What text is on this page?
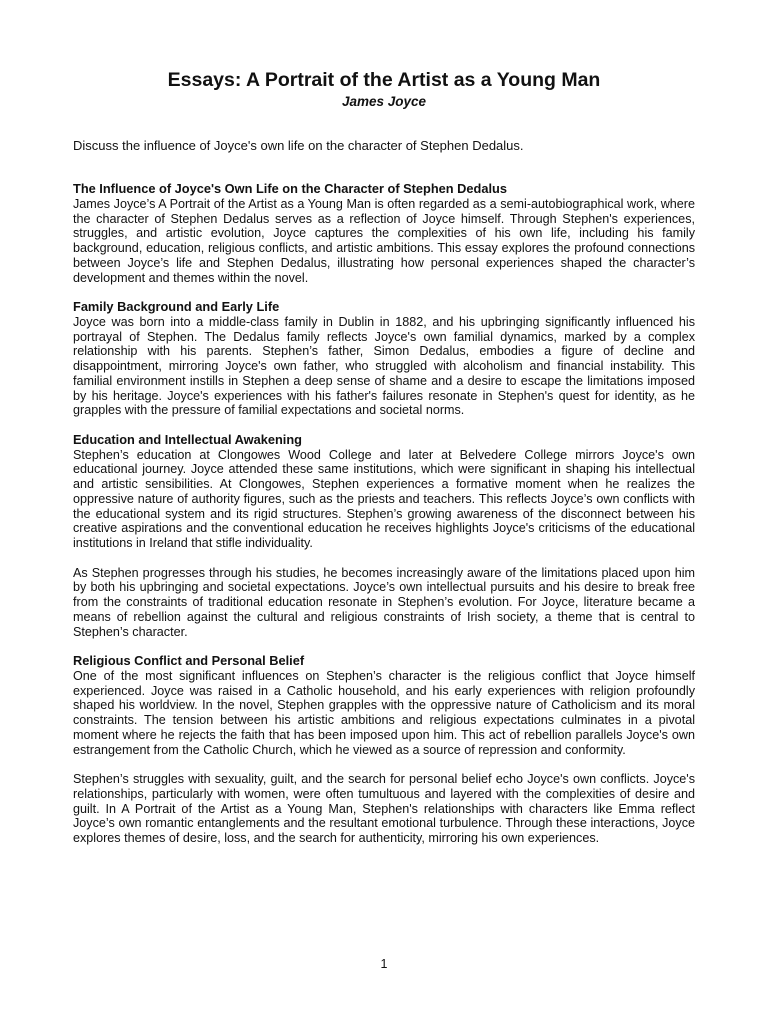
Essays: A Portrait of the Artist as a Young Man
James Joyce

Discuss the influence of Joyce's own life on the character of Stephen Dedalus.

The Influence of Joyce's Own Life on the Character of Stephen Dedalus

James Joyce’s A Portrait of the Artist as a Young Man is often regarded as a semi-autobiographical work, where the character of Stephen Dedalus serves as a reflection of Joyce himself. Through Stephen's experiences, struggles, and artistic evolution, Joyce captures the complexities of his own life, including his family background, education, religious conflicts, and artistic ambitions. This essay explores the profound connections between Joyce’s life and Stephen Dedalus, illustrating how personal experiences shaped the character’s development and themes within the novel.

Family Background and Early Life

Joyce was born into a middle-class family in Dublin in 1882, and his upbringing significantly influenced his portrayal of Stephen. The Dedalus family reflects Joyce's own familial dynamics, marked by a complex relationship with his parents. Stephen’s father, Simon Dedalus, embodies a figure of decline and disappointment, mirroring Joyce's own father, who struggled with alcoholism and financial instability. This familial environment instills in Stephen a deep sense of shame and a desire to escape the limitations imposed by his heritage. Joyce's experiences with his father's failures resonate in Stephen's quest for identity, as he grapples with the pressure of familial expectations and societal norms.

Education and Intellectual Awakening

Stephen’s education at Clongowes Wood College and later at Belvedere College mirrors Joyce's own educational journey. Joyce attended these same institutions, which were significant in shaping his intellectual and artistic sensibilities. At Clongowes, Stephen experiences a formative moment when he realizes the oppressive nature of authority figures, such as the priests and teachers. This reflects Joyce’s own conflicts with the educational system and its rigid structures. Stephen’s growing awareness of the disconnect between his creative aspirations and the conventional education he receives highlights Joyce's criticisms of the educational institutions in Ireland that stifle individuality.

As Stephen progresses through his studies, he becomes increasingly aware of the limitations placed upon him by both his upbringing and societal expectations. Joyce’s own intellectual pursuits and his desire to break free from the constraints of traditional education resonate in Stephen’s evolution. For Joyce, literature became a means of rebellion against the cultural and religious constraints of Irish society, a theme that is central to Stephen’s character.

Religious Conflict and Personal Belief

One of the most significant influences on Stephen’s character is the religious conflict that Joyce himself experienced. Joyce was raised in a Catholic household, and his early experiences with religion profoundly shaped his worldview. In the novel, Stephen grapples with the oppressive nature of Catholicism and its moral constraints. The tension between his artistic ambitions and religious expectations culminates in a pivotal moment where he rejects the faith that has been imposed upon him. This act of rebellion parallels Joyce's own estrangement from the Catholic Church, which he viewed as a source of repression and conformity.

Stephen’s struggles with sexuality, guilt, and the search for personal belief echo Joyce's own conflicts. Joyce's relationships, particularly with women, were often tumultuous and layered with the complexities of desire and guilt. In A Portrait of the Artist as a Young Man, Stephen's relationships with characters like Emma reflect Joyce’s own romantic entanglements and the resultant emotional turbulence. Through these interactions, Joyce explores themes of desire, loss, and the search for authenticity, mirroring his own experiences.

1
